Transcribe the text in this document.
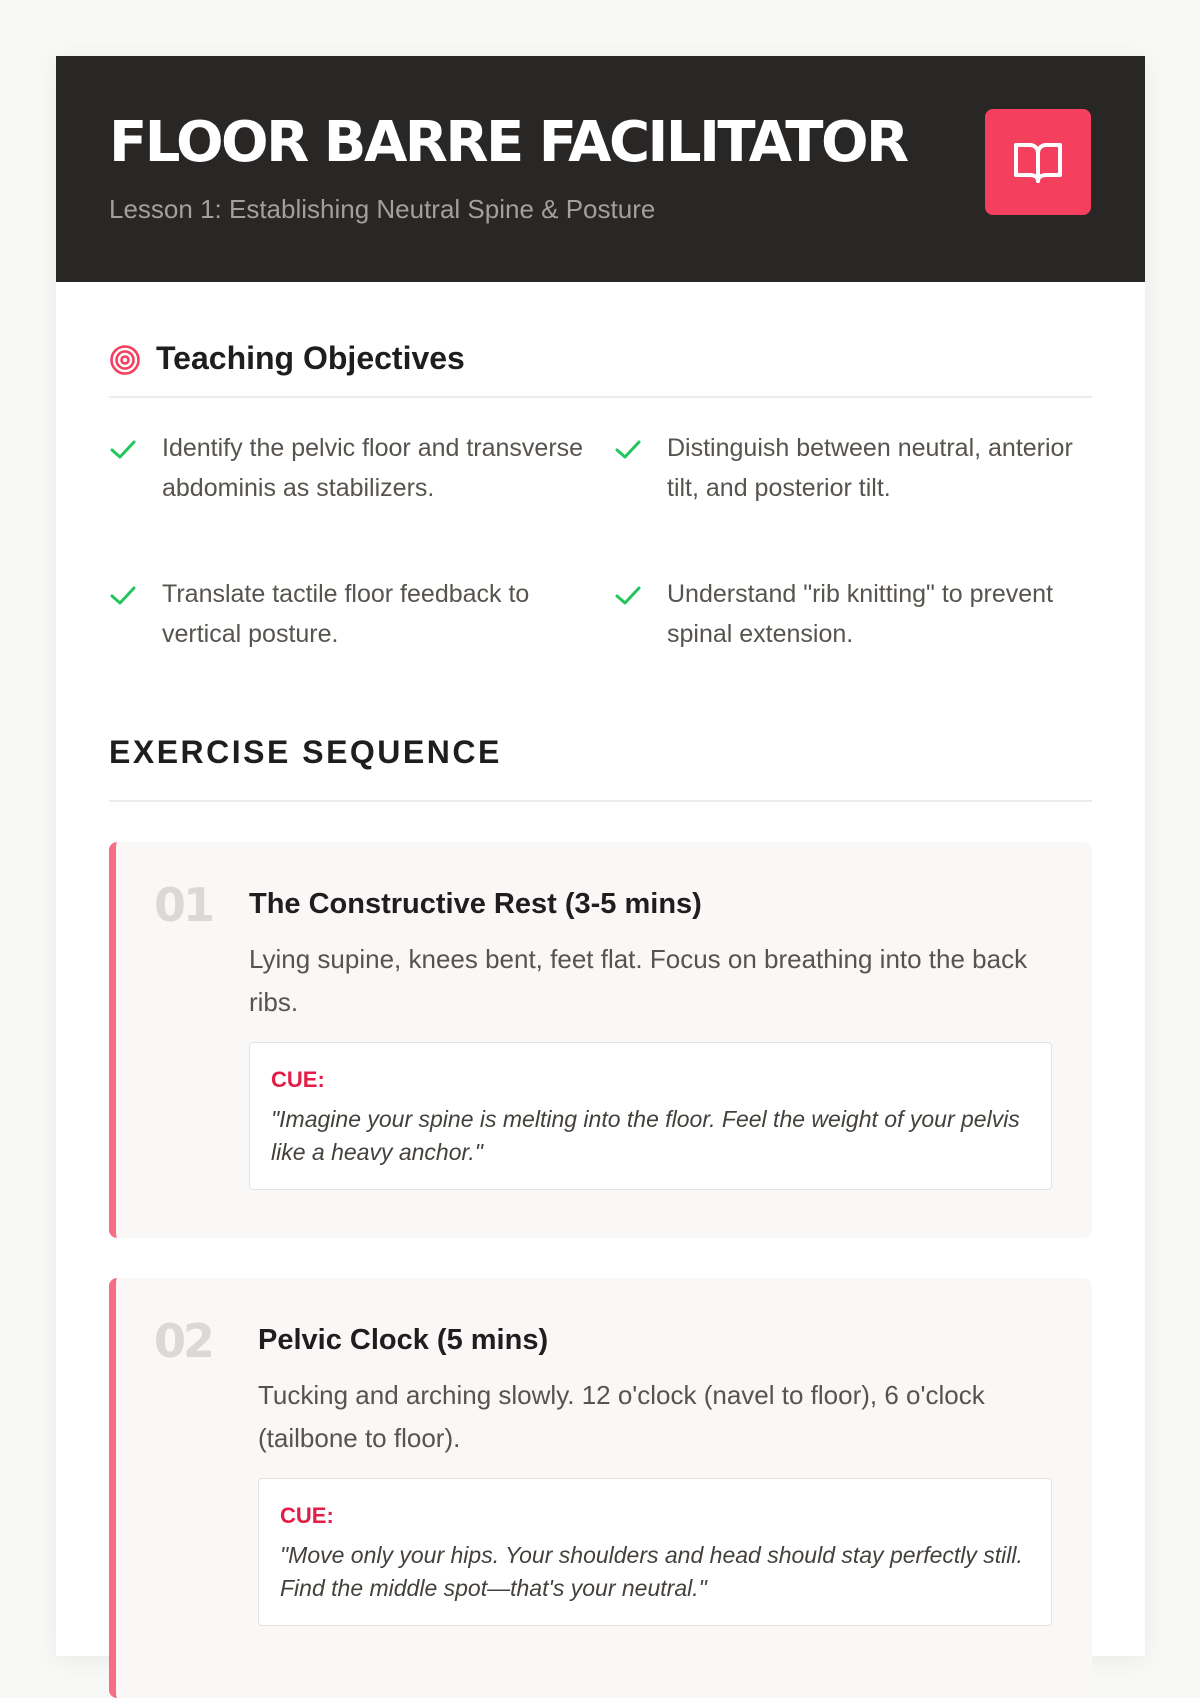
FLOOR BARRE FACILITATOR
Lesson 1: Establishing Neutral Spine & Posture
Teaching Objectives
Identify the pelvic floor and transverse abdominis as stabilizers.
Distinguish between neutral, anterior tilt, and posterior tilt.
Translate tactile floor feedback to vertical posture.
Understand "rib knitting" to prevent spinal extension.
EXERCISE SEQUENCE
01 The Constructive Rest (3-5 mins)
Lying supine, knees bent, feet flat. Focus on breathing into the back ribs.
CUE:
"Imagine your spine is melting into the floor. Feel the weight of your pelvis like a heavy anchor."
02 Pelvic Clock (5 mins)
Tucking and arching slowly. 12 o'clock (navel to floor), 6 o'clock (tailbone to floor).
CUE:
"Move only your hips. Your shoulders and head should stay perfectly still. Find the middle spot—that's your neutral."
